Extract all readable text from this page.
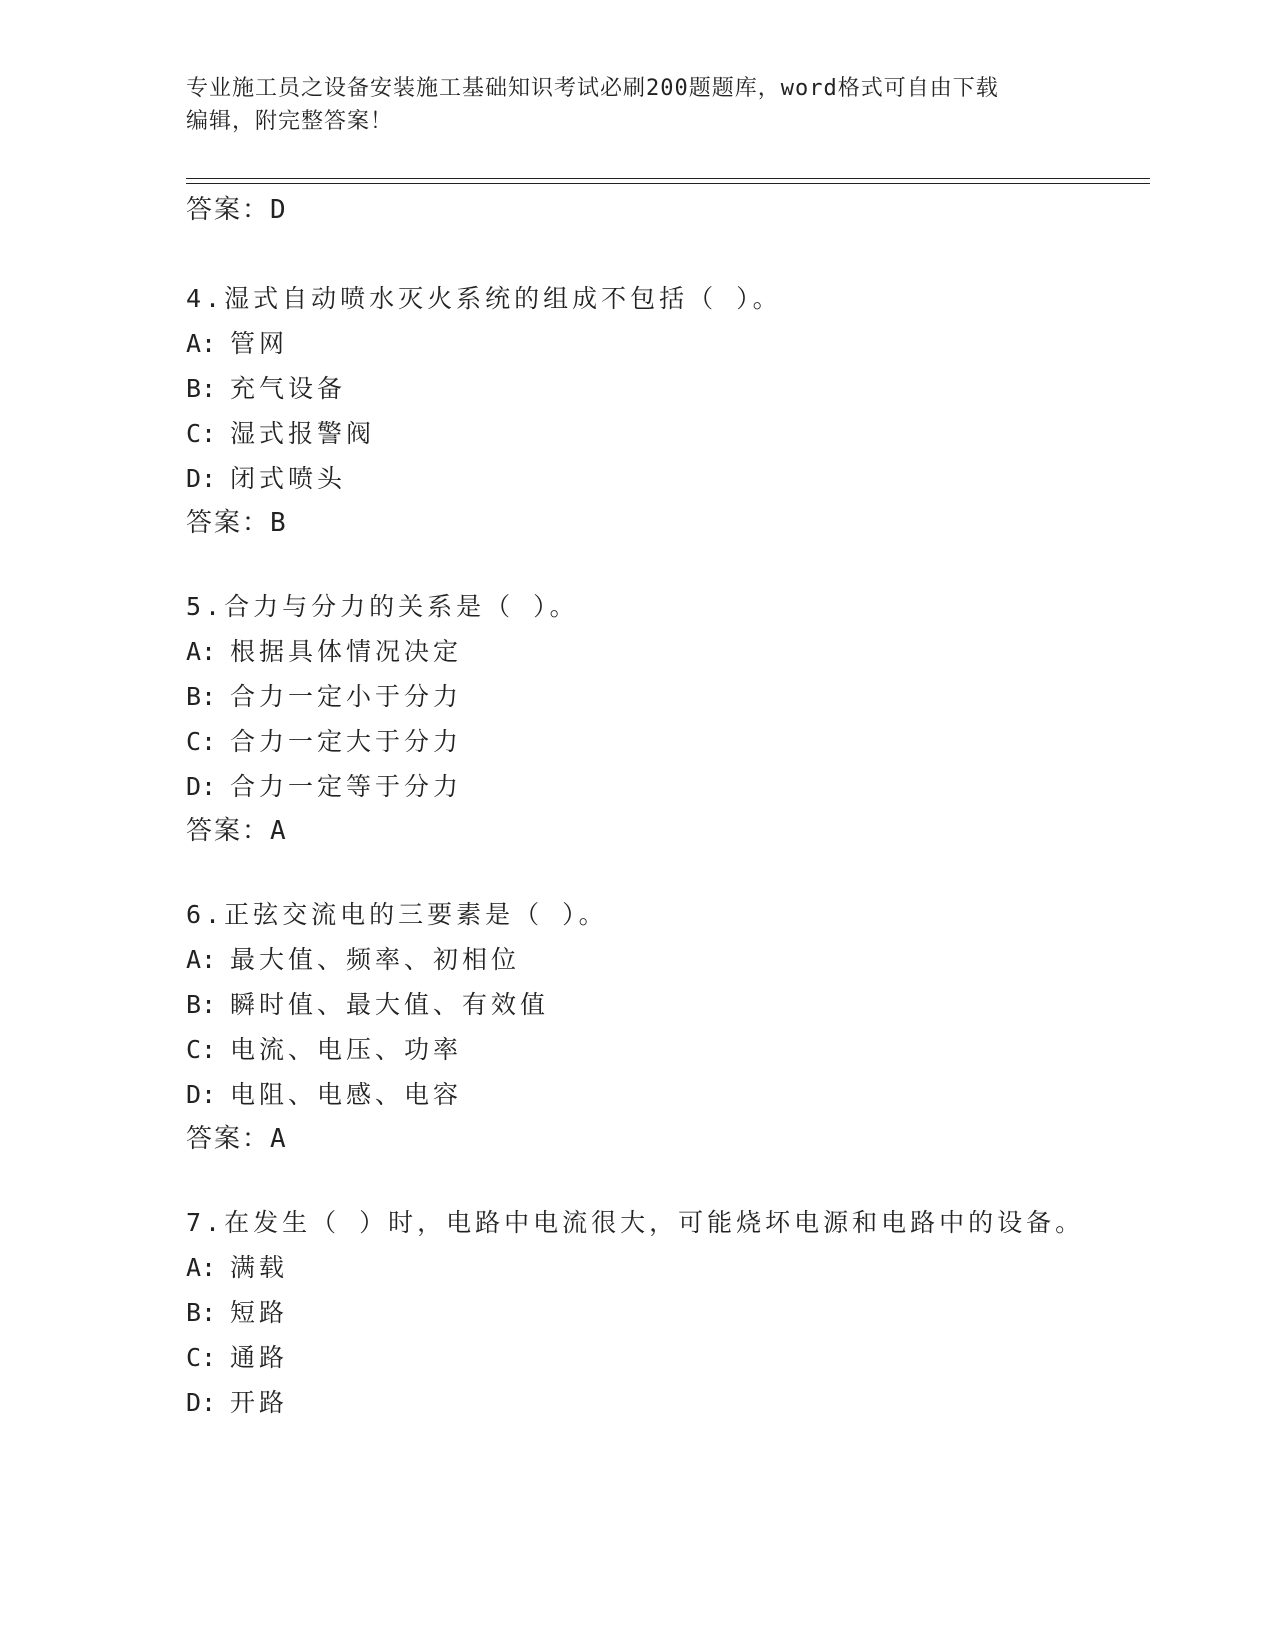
专业施工员之设备安装施工基础知识考试必刷200题题库，word格式可自由下载
编辑，附完整答案！
答案：D
4.湿式自动喷水灭火系统的组成不包括（ ）。
A: 管网
B: 充气设备
C: 湿式报警阀
D: 闭式喷头
答案：B
5.合力与分力的关系是（ ）。
A: 根据具体情况决定
B: 合力一定小于分力
C: 合力一定大于分力
D: 合力一定等于分力
答案：A
6.正弦交流电的三要素是（ ）。
A: 最大值、频率、初相位
B: 瞬时值、最大值、有效值
C: 电流、电压、功率
D: 电阻、电感、电容
答案：A
7.在发生（ ）时，电路中电流很大，可能烧坏电源和电路中的设备。
A: 满载
B: 短路
C: 通路
D: 开路
